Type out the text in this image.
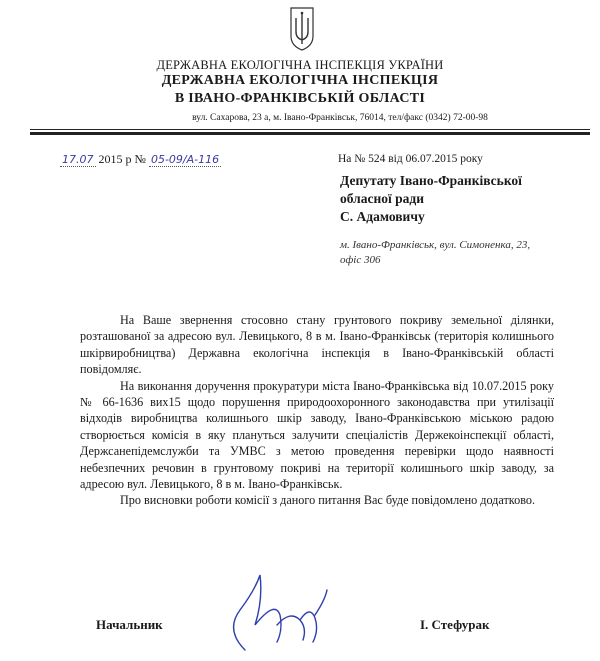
ДЕРЖАВНА ЕКОЛОГІЧНА ІНСПЕКЦІЯ УКРАЇНИ
ДЕРЖАВНА ЕКОЛОГІЧНА ІНСПЕКЦІЯ
В ІВАНО-ФРАНКІВСЬКІЙ ОБЛАСТІ
вул. Сахарова, 23 а, м. Івано-Франківськ, 76014, тел/факс (0342) 72-00-98
17.07 2015 р № 05-09/А-116	На № 524 від 06.07.2015 року
Депутату Івано-Франківської
обласної ради
С. Адамовичу
м. Івано-Франківськ, вул. Симоненка, 23,
офіс 306

На Ваше звернення стосовно стану грунтового покриву земельної ділянки, розташованої за адресою вул. Левицького, 8 в м. Івано-Франківськ (територія колишнього шкірвиробництва) Державна екологічна інспекція в Івано-Франківській області повідомляє.

На виконання доручення прокуратури міста Івано-Франківська від 10.07.2015 року № 66-1636 вих15 щодо порушення природоохоронного законодавства при утилізації відходів виробництва колишнього шкір заводу, Івано-Франківською міською радою створюється комісія в яку плануться залучити спеціалістів Держекоінспекції області, Держсанепідемслужби та УМВС з метою проведення перевірки щодо наявності небезпечних речовин в грунтовому покриві на території колишнього шкір заводу, за адресою вул. Левицького, 8 в м. Івано-Франківськ.

Про висновки роботи комісії з даного питання Вас буде повідомлено додатково.

Начальник	І. Стефурак
